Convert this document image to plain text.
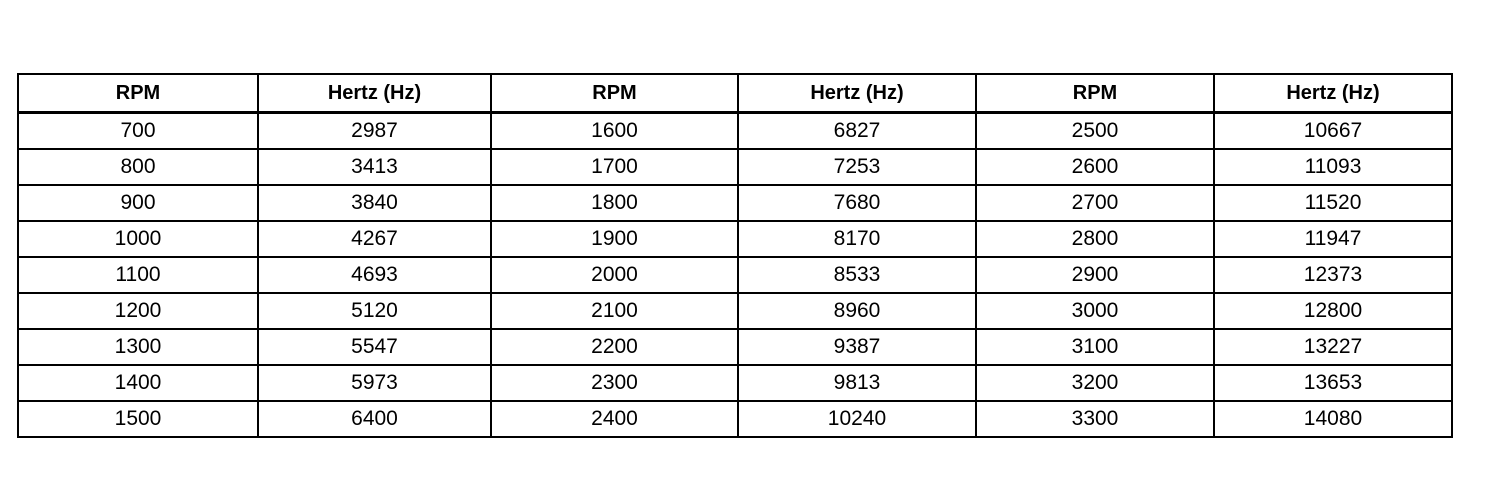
RPM	Hertz (Hz)	RPM	Hertz (Hz)	RPM	Hertz (Hz)
700	2987	1600	6827	2500	10667
800	3413	1700	7253	2600	11093
900	3840	1800	7680	2700	11520
1000	4267	1900	8170	2800	11947
1100	4693	2000	8533	2900	12373
1200	5120	2100	8960	3000	12800
1300	5547	2200	9387	3100	13227
1400	5973	2300	9813	3200	13653
1500	6400	2400	10240	3300	14080
